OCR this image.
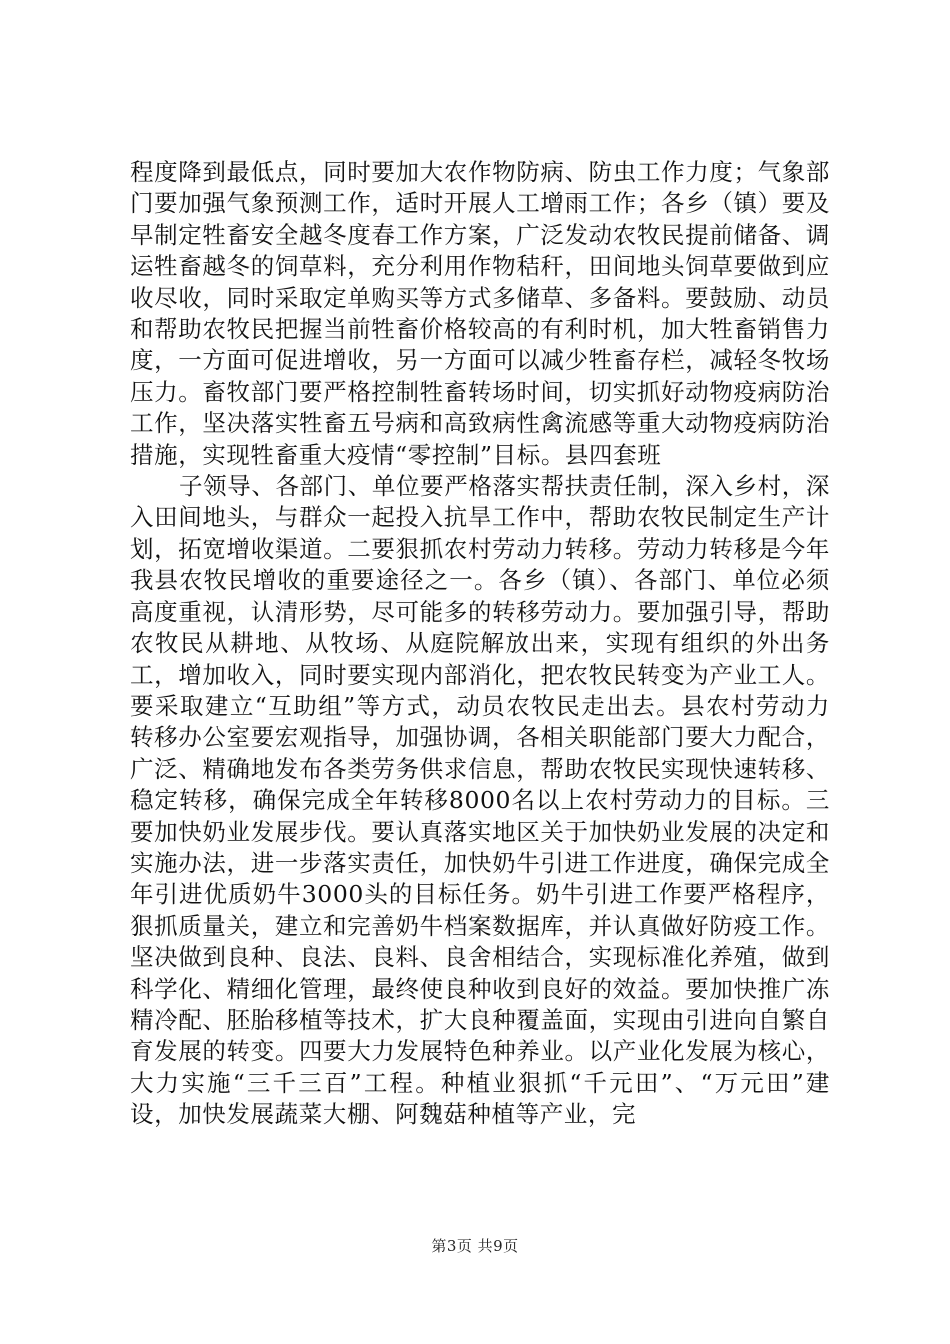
程度降到最低点，同时要加大农作物防病、防虫工作力度；气象部门要加强气象预测工作，适时开展人工增雨工作；各乡（镇）要及早制定牲畜安全越冬度春工作方案，广泛发动农牧民提前储备、调运牲畜越冬的饲草料，充分利用作物秸秆，田间地头饲草要做到应收尽收，同时采取定单购买等方式多储草、多备料。要鼓励、动员和帮助农牧民把握当前牲畜价格较高的有利时机，加大牲畜销售力度，一方面可促进增收，另一方面可以减少牲畜存栏，减轻冬牧场压力。畜牧部门要严格控制牲畜转场时间，切实抓好动物疫病防治工作，坚决落实牲畜五号病和高致病性禽流感等重大动物疫病防治措施，实现牲畜重大疫情“零控制”目标。县四套班

子领导、各部门、单位要严格落实帮扶责任制，深入乡村，深入田间地头，与群众一起投入抗旱工作中，帮助农牧民制定生产计划，拓宽增收渠道。二要狠抓农村劳动力转移。劳动力转移是今年我县农牧民增收的重要途径之一。各乡（镇）、各部门、单位必须高度重视，认清形势，尽可能多的转移劳动力。要加强引导，帮助农牧民从耕地、从牧场、从庭院解放出来，实现有组织的外出务工，增加收入，同时要实现内部消化，把农牧民转变为产业工人。要采取建立“互助组”等方式，动员农牧民走出去。县农村劳动力转移办公室要宏观指导，加强协调，各相关职能部门要大力配合，广泛、精确地发布各类劳务供求信息，帮助农牧民实现快速转移、稳定转移，确保完成全年转移8000名以上农村劳动力的目标。三要加快奶业发展步伐。要认真落实地区关于加快奶业发展的决定和实施办法，进一步落实责任，加快奶牛引进工作进度，确保完成全年引进优质奶牛3000头的目标任务。奶牛引进工作要严格程序，狠抓质量关，建立和完善奶牛档案数据库，并认真做好防疫工作。坚决做到良种、良法、良料、良舍相结合，实现标准化养殖，做到科学化、精细化管理，最终使良种收到良好的效益。要加快推广冻精冷配、胚胎移植等技术，扩大良种覆盖面，实现由引进向自繁自育发展的转变。四要大力发展特色种养业。以产业化发展为核心，大力实施“三千三百”工程。种植业狠抓“千元田”、“万元田”建设，加快发展蔬菜大棚、阿魏菇种植等产业，完

第3页 共9页
